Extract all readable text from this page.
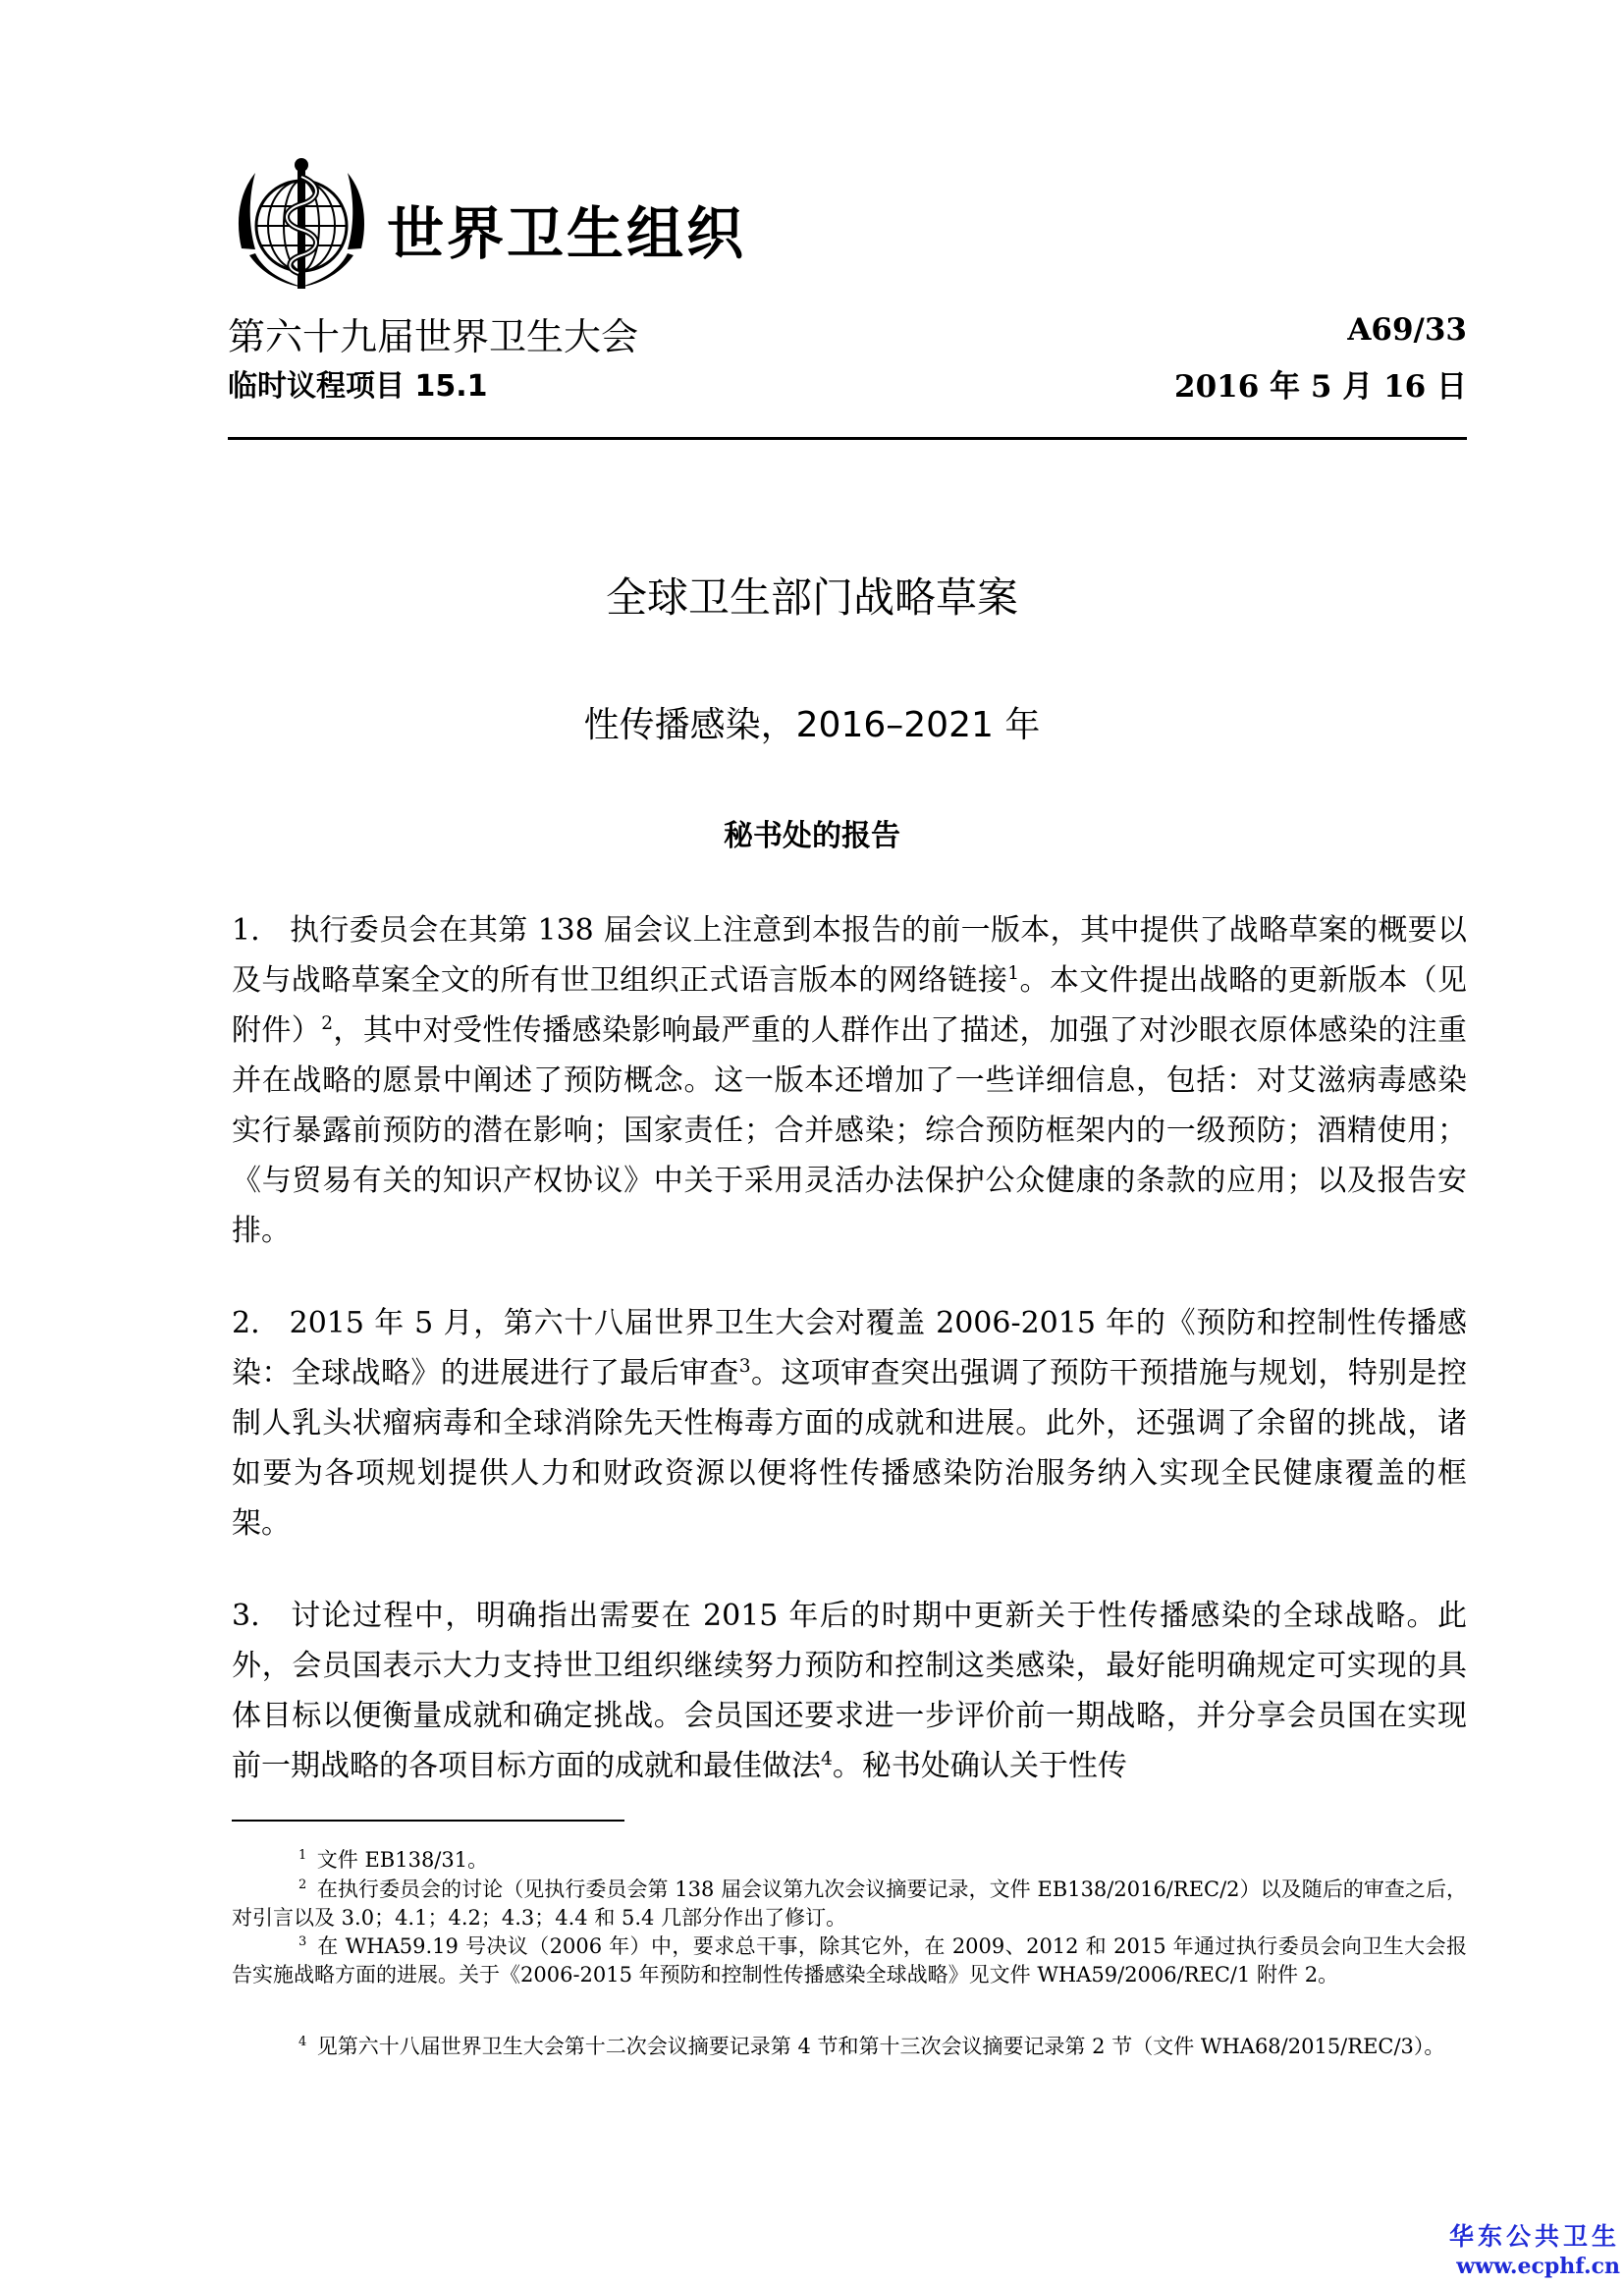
世界卫生组织
第六十九届世界卫生大会
临时议程项目 15.1
A69/33
2016 年 5 月 16 日
全球卫生部门战略草案
性传播感染，2016–2021 年
秘书处的报告
1.  执行委员会在其第 138 届会议上注意到本报告的前一版本，其中提供了战略草案的概要以及与战略草案全文的所有世卫组织正式语言版本的网络链接$^1$。本文件提出战略的更新版本（见附件）$^2$，其中对受性传播感染影响最严重的人群作出了描述，加强了对沙眼衣原体感染的注重并在战略的愿景中阐述了预防概念。这一版本还增加了一些详细信息，包括：对艾滋病毒感染实行暴露前预防的潜在影响；国家责任；合并感染；综合预防框架内的一级预防；酒精使用；《与贸易有关的知识产权协议》中关于采用灵活办法保护公众健康的条款的应用；以及报告安排。
2.  2015 年 5 月，第六十八届世界卫生大会对覆盖 2006-2015 年的《预防和控制性传播感染：全球战略》的进展进行了最后审查$^3$。这项审查突出强调了预防干预措施与规划，特别是控制人乳头状瘤病毒和全球消除先天性梅毒方面的成就和进展。此外，还强调了余留的挑战，诸如要为各项规划提供人力和财政资源以便将性传播感染防治服务纳入实现全民健康覆盖的框架。
3.  讨论过程中，明确指出需要在 2015 年后的时期中更新关于性传播感染的全球战略。此外，会员国表示大力支持世卫组织继续努力预防和控制这类感染，最好能明确规定可实现的具体目标以便衡量成就和确定挑战。会员国还要求进一步评价前一期战略，并分享会员国在实现前一期战略的各项目标方面的成就和最佳做法$^4$。秘书处确认关于性传
$^1$  文件 EB138/31。
$^2$  在执行委员会的讨论（见执行委员会第 138 届会议第九次会议摘要记录，文件 EB138/2016/REC/2）以及随后的审查之后，对引言以及 3.0；4.1；4.2；4.3；4.4 和 5.4 几部分作出了修订。
$^3$  在 WHA59.19 号决议（2006 年）中，要求总干事，除其它外，在 2009、2012 和 2015 年通过执行委员会向卫生大会报告实施战略方面的进展。关于《2006-2015 年预防和控制性传播感染全球战略》见文件 WHA59/2006/REC/1 附件 2。
$^4$  见第六十八届世界卫生大会第十二次会议摘要记录第 4 节和第十三次会议摘要记录第 2 节（文件 WHA68/2015/REC/3）。
华东公共卫生
www.ecphf.cn
